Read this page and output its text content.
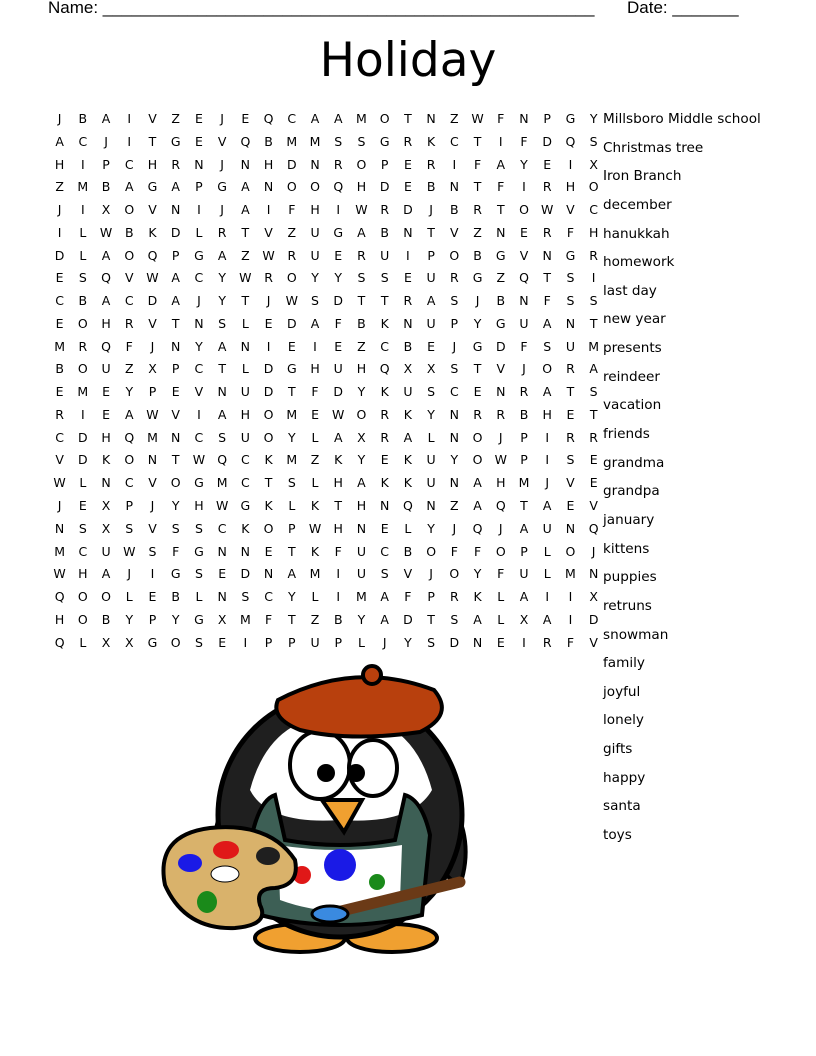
Name: ____________________________________________________ Date: _______
Holiday
J	B	A	I	V	Z	E	J	E	Q	C	A	A	M	O	T	N	Z	W	F	N	P	G	Y
A	C	J	I	T	G	E	V	Q	B	M M	S	S	G	R	K	C	T	I	F	D	Q	S
H	I	P	C	H	R	N	J	N	H	D	N	R	O	P	E	R	I	F	A	Y	E	I	X
Z	M	B	A	G	A	P	G	A	N	O	O	Q	H	D	E	B	N	T	F	I	R	H	O
J	I	X	O	V	N	I	J	A	I	F	H	I	W	R	D	J	B	R	T	O W	V	C
I	L	W	B	K	D	L	R	T	V	Z	U	G	A	B	N	T	V	Z	N	E	R	F	H
D	L	A	O	Q	P	G	A	Z	W	R	U	E	R	U	I	P	O	B	G	V	N	G	R
E	S	Q	V	W	A	C	Y	W	R	O	Y	Y	S	S	E	U	R	G	Z	Q	T	S	I
C	B	A	C	D	A	J	Y	T	J	W	S	D	T	T	R	A	S	J	B	N	F	S	S
E	O	H	R	V	T	N	S	L	E	D	A	F	B	K	N	U	P	Y	G	U	A	N	T
M	R	Q	F	J	N	Y	A	N	I	E	I	E	Z	C	B	E	J	G	D	F	S	U	M
B	O	U	Z	X	P	C	T	L	D	G	H	U	H	Q	X	X	S	T	V	J	O	R	A
E	M	E	Y	P	E	V	N	U	D	T	F	D	Y	K	U	S	C	E	N	R	A	T	S
R	I	E	A	W	V	I	A	H	O	M	E	W O	R	K	Y	N	R	R	B	H	E	T
C	D	H	Q	M	N	C	S	U	O	Y	L	A	X	R	A	L	N	O	J	P	I	R	R
V	D	K	O	N	T	W Q	C	K	M	Z	K	Y	E	K	U	Y	O W	P	I	S	E
W	L	N	C	V	O	G	M	C	T	S	L	H	A	K	K	U	N	A	H	M	J	V	E
J	E	X	P	J	Y	H W G	K	L	K	T	H	N	Q	N	Z	A	Q	T	A	E	V
N	S	X	S	V	S	S	C	K	O	P	W H	N	E	L	Y	J	Q	J	A	U	N	Q
M	C	U W	S	F	G	N	N	E	T	K	F	U	C	B	O	F	F	O	P	L	O	J
W H	A	J	I	G	S	E	D	N	A	M	I	U	S	V	J	O	Y	F	U	L	M	N
Q	O	O	L	E	B	L	N	S	C	Y	L	I	M	A	F	P	R	K	L	A	I	I	X
H	O	B	Y	P	Y	G	X	M	F	T	Z	B	Y	A	D	T	S	A	L	X	A	I	D
Q	L	X	X	G	O	S	E	I	P	P	U	P	L	J	Y	S	D	N	E	I	R	F	V
Millsboro Middle school
Christmas tree
Iron Branch
december
hanukkah
homework
last day
new year
presents
reindeer
vacation
friends
grandma
grandpa
january
kittens
puppies
retruns
snowman
family
joyful
lonely
gifts
happy
santa
toys
